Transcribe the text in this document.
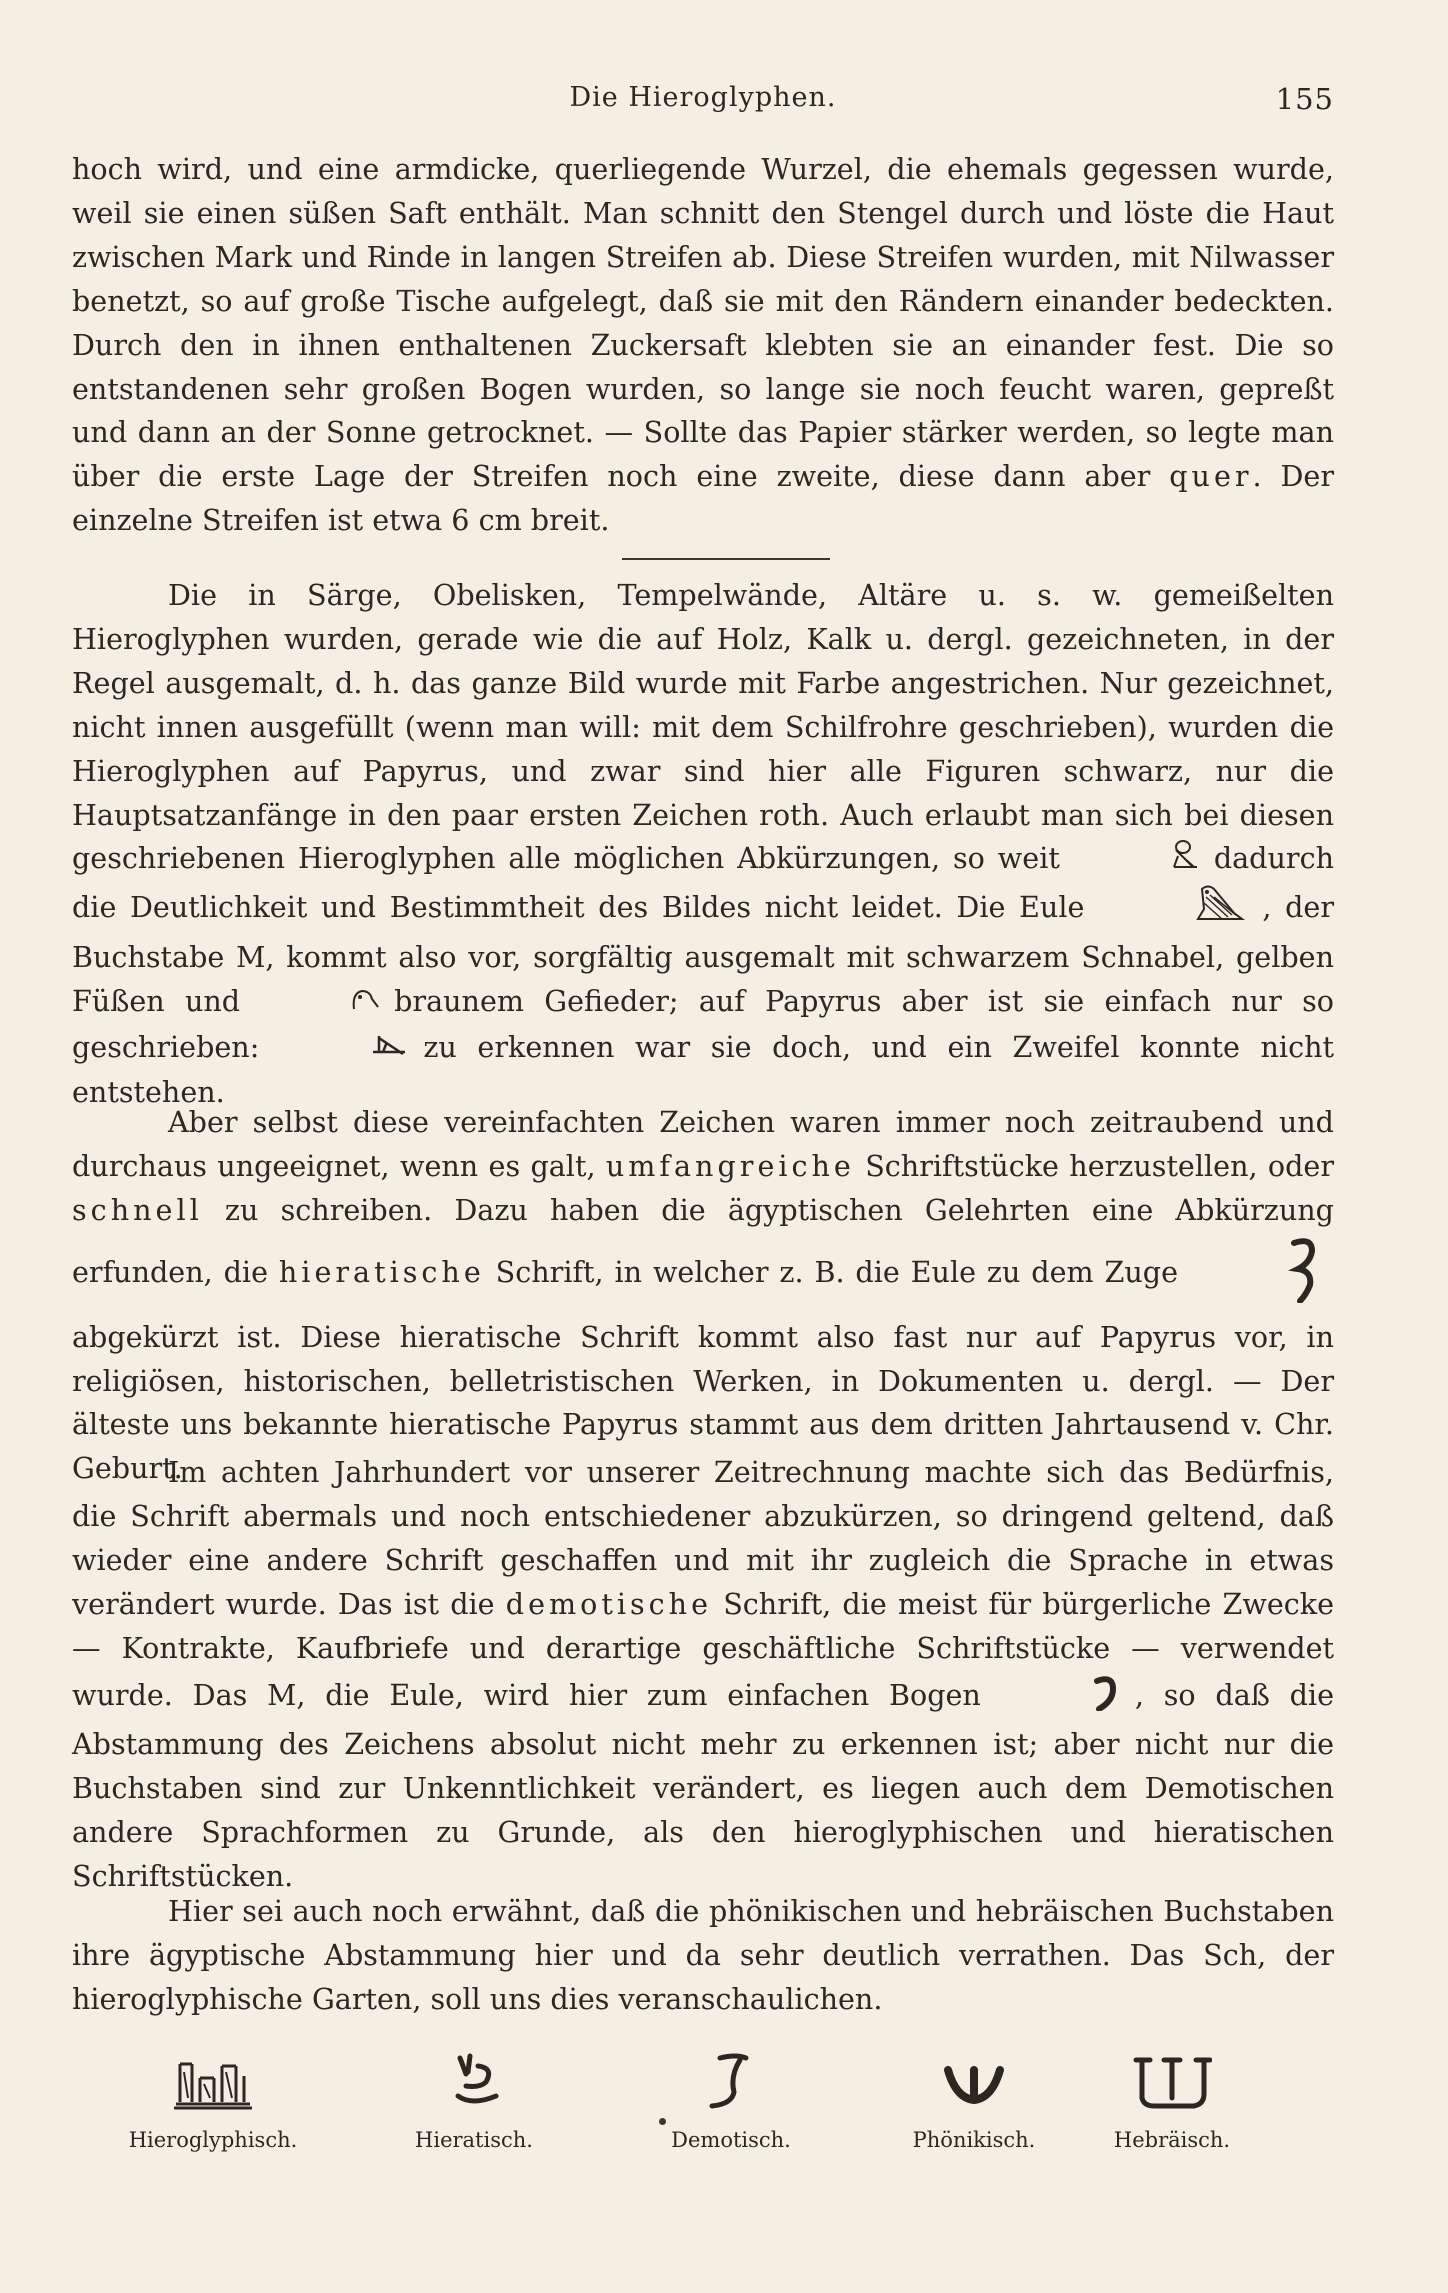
Die Hieroglyphen.	155

hoch wird, und eine armdicke, querliegende Wurzel, die ehemals gegessen wurde, weil sie einen süßen Saft enthält. Man schnitt den Stengel durch und löste die Haut zwischen Mark und Rinde in langen Streifen ab. Diese Streifen wurden, mit Nilwasser benetzt, so auf große Tische aufgelegt, daß sie mit den Rändern einander bedeckten. Durch den in ihnen enthaltenen Zuckersaft klebten sie an einander fest. Die so entstandenen sehr großen Bogen wurden, so lange sie noch feucht waren, gepreßt und dann an der Sonne getrocknet. — Sollte das Papier stärker werden, so legte man über die erste Lage der Streifen noch eine zweite, diese dann aber quer. Der einzelne Streifen ist etwa 6 cm breit.

Die in Särge, Obelisken, Tempelwände, Altäre u. s. w. gemeißelten Hieroglyphen wurden, gerade wie die auf Holz, Kalk u. dergl. gezeichneten, in der Regel ausgemalt, d. h. das ganze Bild wurde mit Farbe angestrichen. Nur gezeichnet, nicht innen ausgefüllt (wenn man will: mit dem Schilfrohre geschrieben), wurden die Hieroglyphen auf Papyrus, und zwar sind hier alle Figuren schwarz, nur die Hauptsatzanfänge in den paar ersten Zeichen roth. Auch erlaubt man sich bei diesen geschriebenen Hieroglyphen alle möglichen Abkürzungen, so weit	dadurch die Deutlichkeit und Bestimmtheit des Bildes nicht leidet. Die Eule	, der Buchstabe M, kommt also vor, sorgfältig ausgemalt mit schwarzem Schnabel, gelben Füßen und	braunem Gefieder; auf Papyrus aber ist sie einfach nur so geschrieben:	zu erkennen war sie doch, und ein Zweifel konnte nicht entstehen.

Aber selbst diese vereinfachten Zeichen waren immer noch zeitraubend und durchaus ungeeignet, wenn es galt, umfangreiche Schriftstücke herzustellen, oder schnell zu schreiben. Dazu haben die ägyptischen Gelehrten eine Abkürzung erfunden, die hieratische Schrift, in welcher z. B. die Eule zu dem Zugeabgekürzt ist. Diese hieratische Schrift kommt also fast nur auf Papyrus vor, in religiösen, historischen, belletristischen Werken, in Dokumenten u. dergl. — Der älteste uns bekannte hieratische Papyrus stammt aus dem dritten Jahrtausend v. Chr. Geburt.

Im achten Jahrhundert vor unserer Zeitrechnung machte sich das Bedürfnis, die Schrift abermals und noch entschiedener abzukürzen, so dringend geltend, daß wieder eine andere Schrift geschaffen und mit ihr zugleich die Sprache in etwas verändert wurde. Das ist die demotische Schrift, die meist für bürgerliche Zwecke — Kontrakte, Kaufbriefe und derartige geschäftliche Schriftstücke — verwendet wurde. Das M, die Eule, wird hier zum einfachen Bogen	, so daß die Abstammung des Zeichens absolut nicht mehr zu erkennen ist; aber nicht nur die Buchstaben sind zur Unkenntlichkeit verändert, es liegen auch dem Demotischen andere Sprachformen zu Grunde, als den hieroglyphischen und hieratischen Schriftstücken.

Hier sei auch noch erwähnt, daß die phönikischen und hebräischen Buchstaben ihre ägyptische Abstammung hier und da sehr deutlich verrathen. Das Sch, der hieroglyphische Garten, soll uns dies veranschaulichen.

Hieroglyphisch.	Hieratisch.	Demotisch.	Phönikisch.	Hebräisch.
